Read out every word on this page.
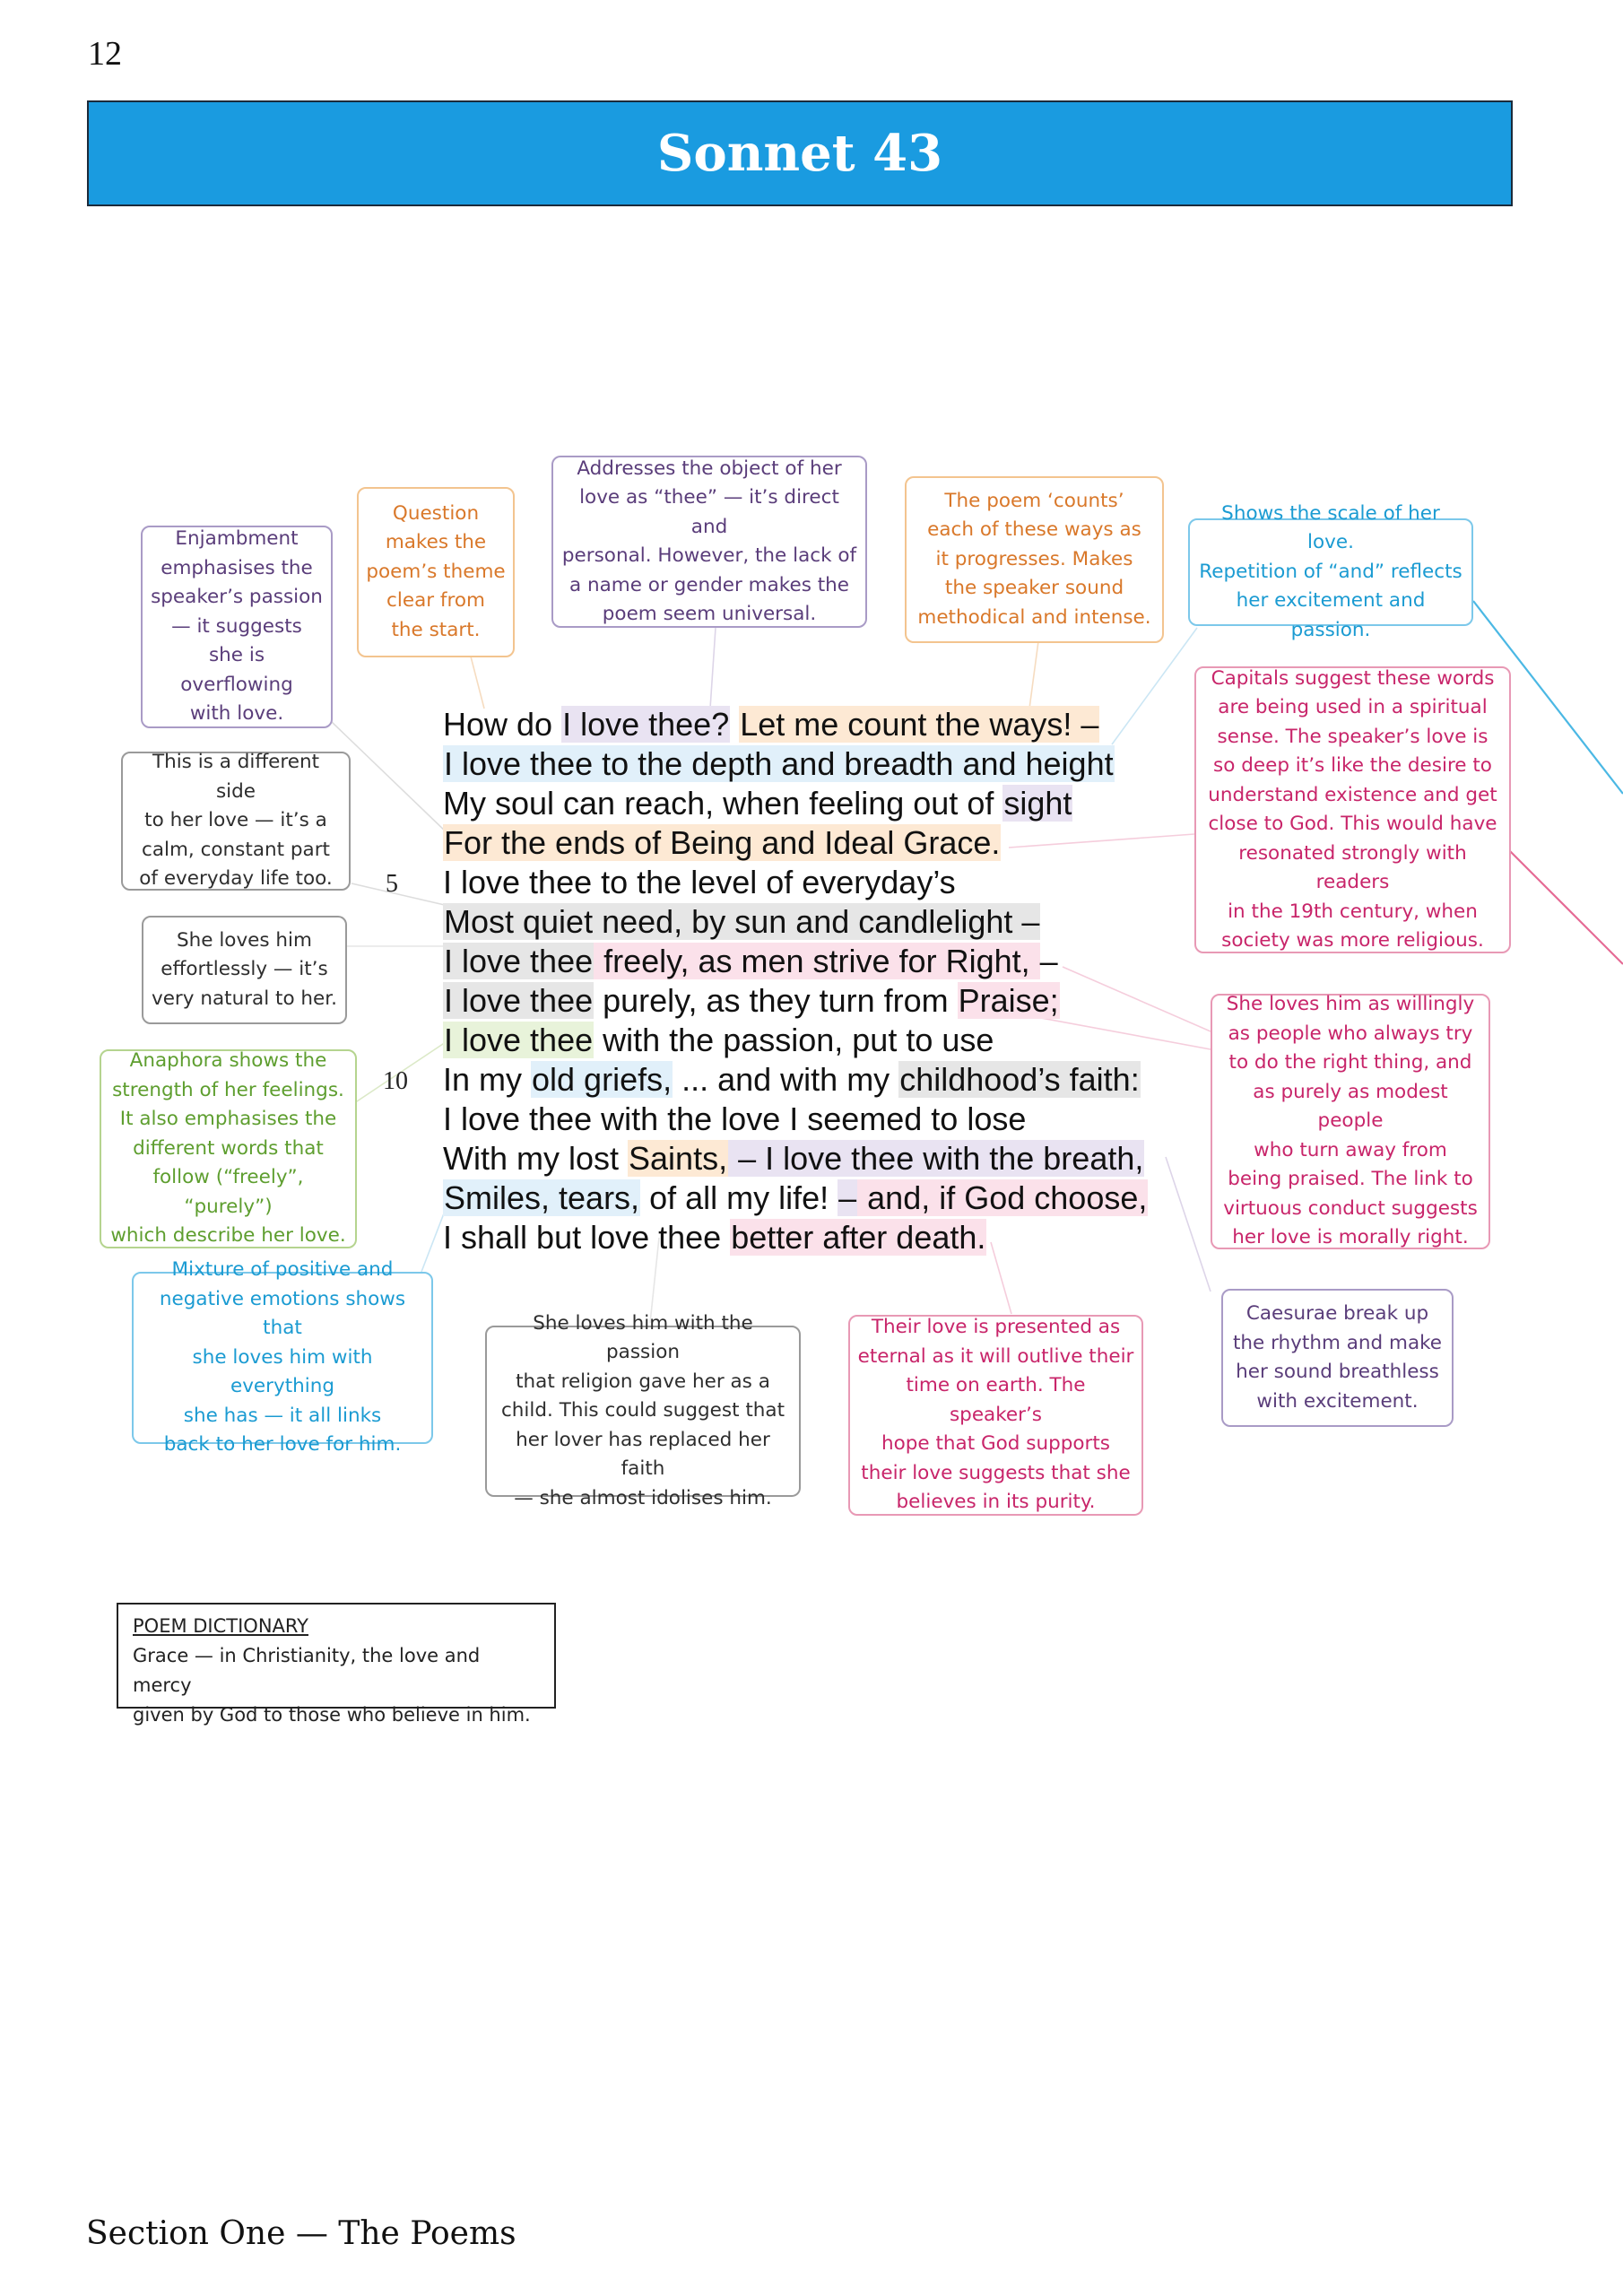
12
Sonnet 43
Enjambment
emphasises the
speaker’s passion
— it suggests
she is overflowing
with love.
Question
makes the
poem’s theme
clear from
the start.
Addresses the object of her
love as “thee” — it’s direct and
personal. However, the lack of
a name or gender makes the
poem seem universal.
The poem ‘counts’
each of these ways as
it progresses. Makes
the speaker sound
methodical and intense.
Shows the scale of her love.
Repetition of “and” reflects
her excitement and passion.
This is a different side
to her love — it’s a
calm, constant part
of everyday life too.
Capitals suggest these words
are being used in a spiritual
sense. The speaker’s love is
so deep it’s like the desire to
understand existence and get
close to God. This would have
resonated strongly with readers
in the 19th century, when
society was more religious.
She loves him
effortlessly — it’s
very natural to her.	She loves him as willingly
as people who always try
to do the right thing, and
as purely as modest people
who turn away from
being praised. The link to
virtuous conduct suggests
her love is morally right.
Anaphora shows the
strength of her feelings.
It also emphasises the
different words that
follow (“freely”, “purely”)
which describe her love.
Mixture of positive and
negative emotions shows that
she loves him with everything
she has — it all links
back to her love for him.
She loves him with the passion
that religion gave her as a
child. This could suggest that
her lover has replaced her faith
— she almost idolises him.
Their love is presented as
eternal as it will outlive their
time on earth. The speaker’s
hope that God supports
their love suggests that she
believes in its purity.
Caesurae break up
the rhythm and make
her sound breathless
with excitement.
How do I love thee? Let me count the ways! –
I love thee to the depth and breadth and height
My soul can reach, when feeling out of sight
For the ends of Being and Ideal Grace.
I love thee to the level of everyday’s
Most quiet need, by sun and candlelight –
I love thee freely, as men strive for Right, –
I love thee purely, as they turn from Praise;
I love thee with the passion, put to use
In my old griefs, ... and with my childhood’s faith:
I love thee with the love I seemed to lose
With my lost Saints, – I love thee with the breath,
Smiles, tears, of all my life! – and, if God choose,
I shall but love thee better after death.
POEM DICTIONARY
Grace — in Christianity, the love and mercy
given by God to those who believe in him.
Section One — The Poems
5
10
